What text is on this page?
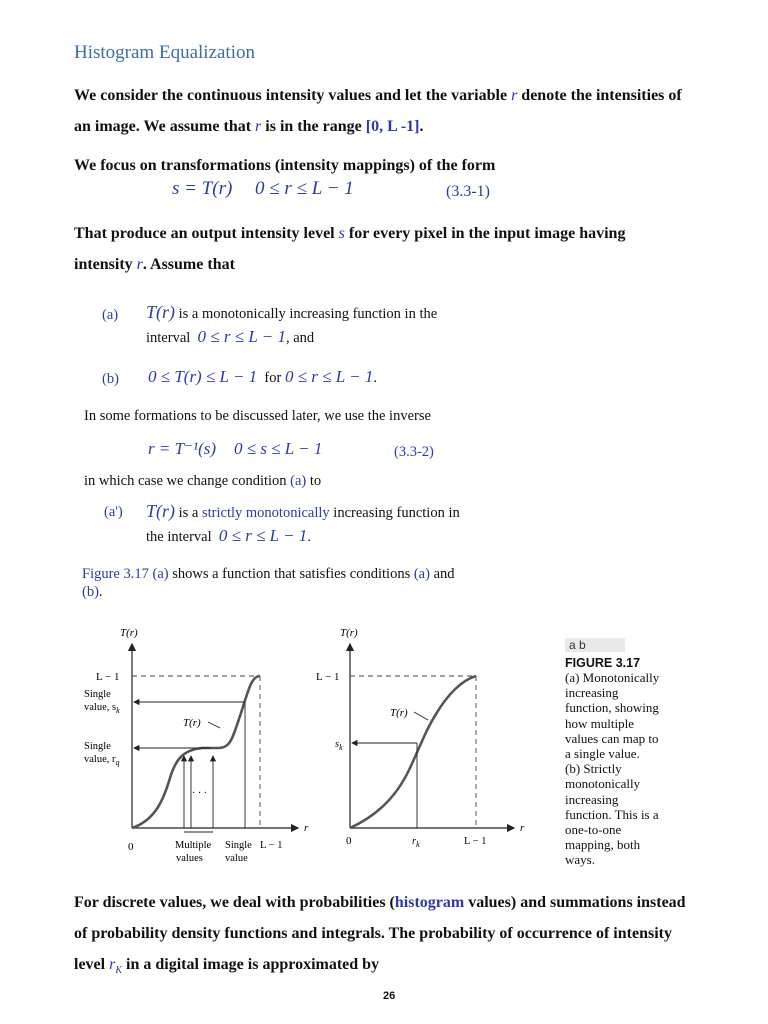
Histogram Equalization
We consider the continuous intensity values and let the variable r denote the intensities of
an image. We assume that r is in the range [0, L -1].
We focus on transformations (intensity mappings) of the form
s = T(r) 0 ≤ r ≤ L − 1	(3.3-1)
That produce an output intensity level s for every pixel in the input image having
intensity r. Assume that
(a) T(r) is a monotonically increasing function in the
interval 0 ≤ r ≤ L − 1, and
(b) 0 ≤ T(r) ≤ L − 1 for 0 ≤ r ≤ L − 1.
In some formations to be discussed later, we use the inverse
r = T⁻¹(s) 0 ≤ s ≤ L − 1	(3.3-2)
in which case we change condition (a) to
(a') T(r) is a strictly monotonically increasing function in
the interval 0 ≤ r ≤ L − 1.
Figure 3.17 (a) shows a function that satisfies conditions (a) and
(b).
T(r)
r
L − 1
· · ·
Single
value, $s_k$
Single
value, $r_q$
T(r)
0	Multiple
values
Single
value
L − 1
T(r)
r
L − 1
$s_k$
T(r)
0	$r_k$	L − 1
a b
FIGURE 3.17
(a) Monotonically
increasing
function, showing
how multiple
values can map to
a single value.
(b) Strictly
monotonically
increasing
function. This is a
one-to-one
mapping, both
ways.
For discrete values, we deal with probabilities (histogram values) and summations instead
of probability density functions and integrals. The probability of occurrence of intensity
level $r_K$ in a digital image is approximated by
26
